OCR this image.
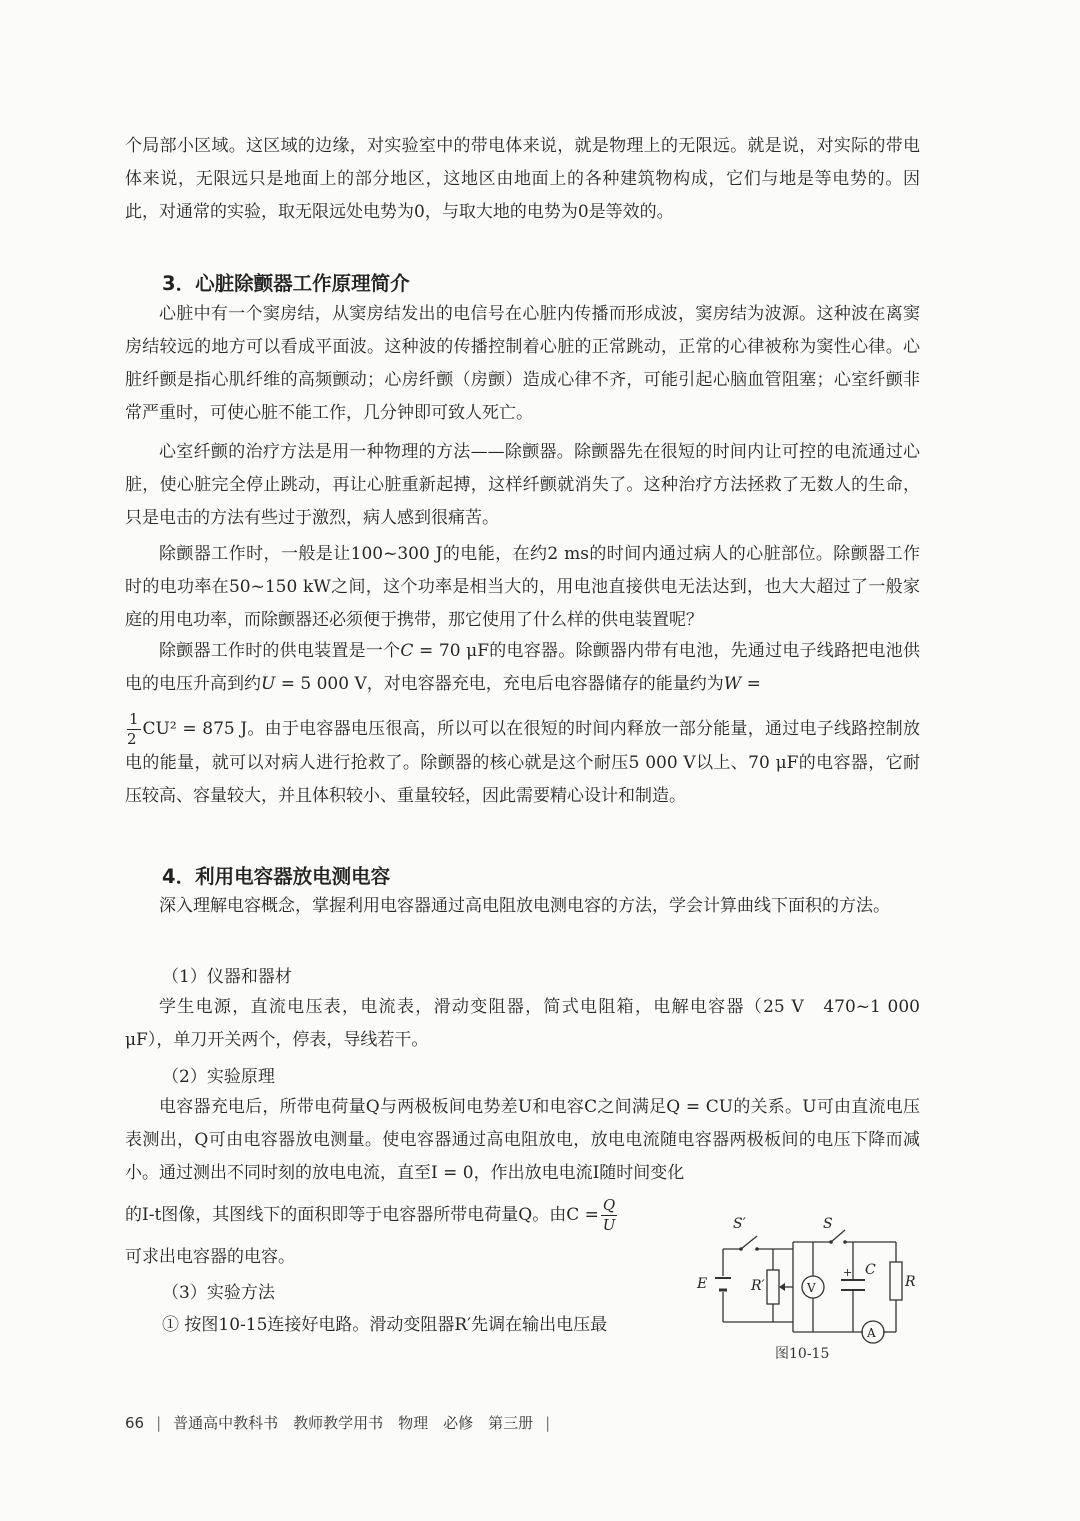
个局部小区域。这区域的边缘，对实验室中的带电体来说，就是物理上的无限远。就是说，对实际的带电体来说，无限远只是地面上的部分地区，这地区由地面上的各种建筑物构成，它们与地是等电势的。因此，对通常的实验，取无限远处电势为0，与取大地的电势为0是等效的。
3．心脏除颤器工作原理简介
心脏中有一个窦房结，从窦房结发出的电信号在心脏内传播而形成波，窦房结为波源。这种波在离窦房结较远的地方可以看成平面波。这种波的传播控制着心脏的正常跳动，正常的心律被称为窦性心律。心脏纤颤是指心肌纤维的高频颤动；心房纤颤（房颤）造成心律不齐，可能引起心脑血管阻塞；心室纤颤非常严重时，可使心脏不能工作，几分钟即可致人死亡。
心室纤颤的治疗方法是用一种物理的方法——除颤器。除颤器先在很短的时间内让可控的电流通过心脏，使心脏完全停止跳动，再让心脏重新起搏，这样纤颤就消失了。这种治疗方法拯救了无数人的生命，只是电击的方法有些过于激烈，病人感到很痛苦。
除颤器工作时，一般是让100~300 J的电能，在约2 ms的时间内通过病人的心脏部位。除颤器工作时的电功率在50~150 kW之间，这个功率是相当大的，用电池直接供电无法达到，也大大超过了一般家庭的用电功率，而除颤器还必须便于携带，那它使用了什么样的供电装置呢？
除颤器工作时的供电装置是一个C = 70 μF的电容器。除颤器内带有电池，先通过电子线路把电池供电的电压升高到约U = 5 000 V，对电容器充电，充电后电容器储存的能量约为W =
$\frac{1}{2} CU^2 = 875$ J。由于电容器电压很高，所以可以在很短的时间内释放一部分能量，通过电子线路控制放电的能量，就可以对病人进行抢救了。除颤器的核心就是这个耐压5 000 V以上、70 μF的电容器，它耐压较高、容量较大，并且体积较小、重量较轻，因此需要精心设计和制造。
4．利用电容器放电测电容
深入理解电容概念，掌握利用电容器通过高电阻放电测电容的方法，学会计算曲线下面积的方法。
（1）仪器和器材
学生电源，直流电压表，电流表，滑动变阻器，简式电阻箱，电解电容器（25 V　470~1 000 μF），单刀开关两个，停表，导线若干。
（2）实验原理
电容器充电后，所带电荷量Q与两极板间电势差U和电容C之间满足Q = CU的关系。U可由直流电压表测出，Q可由电容器放电测量。使电容器通过高电阻放电，放电电流随电容器两极板间的电压下降而减小。通过测出不同时刻的放电电流，直至I = 0，作出放电电流I随时间变化
的I-t图像，其图线下的面积即等于电容器所带电荷量Q。由$C = \frac{Q}{U}$
可求出电容器的电容。
（3）实验方法
① 按图10-15连接好电路。滑动变阻器R′先调在输出电压最
S′	S
E	R′	V
C
+
R
A
图10-15
66 | 普通高中教科书　教师教学用书　物理　必修　第三册 |
